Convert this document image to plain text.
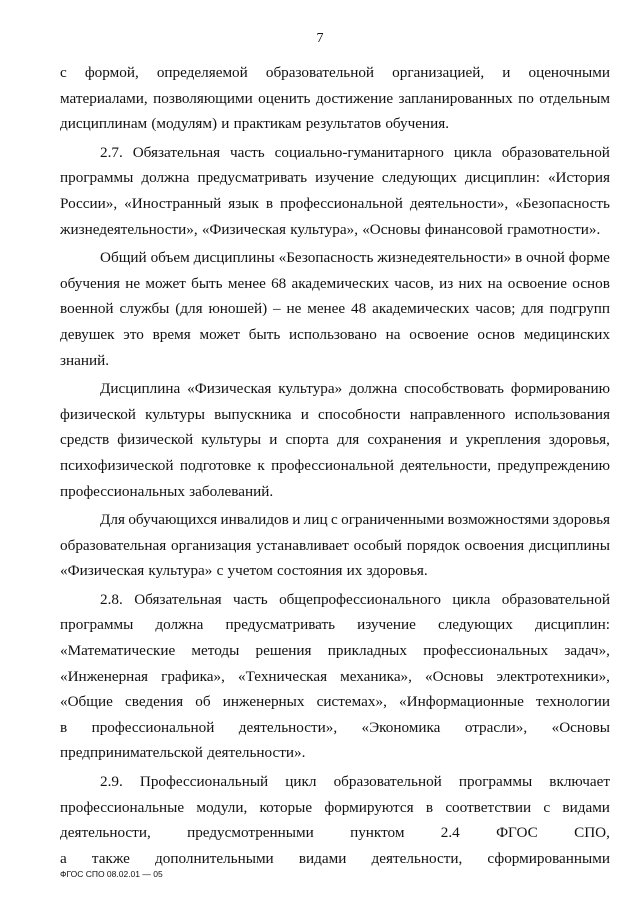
7
с формой, определяемой образовательной организацией, и оценочными
материалами, позволяющими оценить достижение запланированных по отдельным
дисциплинам (модулям) и практикам результатов обучения.
2.7. Обязательная часть социально-гуманитарного цикла образовательной
программы должна предусматривать изучение следующих дисциплин: «История
России», «Иностранный язык в профессиональной деятельности», «Безопасность
жизнедеятельности», «Физическая культура», «Основы финансовой грамотности».
Общий объем дисциплины «Безопасность жизнедеятельности» в очной форме
обучения не может быть менее 68 академических часов, из них на освоение основ
военной службы (для юношей) – не менее 48 академических часов; для подгрупп
девушек это время может быть использовано на освоение основ медицинских
знаний.
Дисциплина «Физическая культура» должна способствовать формированию
физической культуры выпускника и способности направленного использования
средств физической культуры и спорта для сохранения и укрепления здоровья,
психофизической подготовке к профессиональной деятельности, предупреждению
профессиональных заболеваний.
Для обучающихся инвалидов и лиц с ограниченными возможностями здоровья
образовательная организация устанавливает особый порядок освоения дисциплины
«Физическая культура» с учетом состояния их здоровья.
2.8. Обязательная часть общепрофессионального цикла образовательной
программы должна предусматривать изучение следующих дисциплин:
«Математические методы решения прикладных профессиональных задач»,
«Инженерная графика», «Техническая механика», «Основы электротехники»,
«Общие сведения об инженерных системах», «Информационные технологии
в профессиональной деятельности», «Экономика отрасли», «Основы
предпринимательской деятельности».
2.9. Профессиональный цикл образовательной программы включает
профессиональные модули, которые формируются в соответствии с видами
деятельности, предусмотренными пунктом 2.4 ФГОС СПО,
а также дополнительными видами деятельности, сформированными
ФГОС СПО 08.02.01 — 05
